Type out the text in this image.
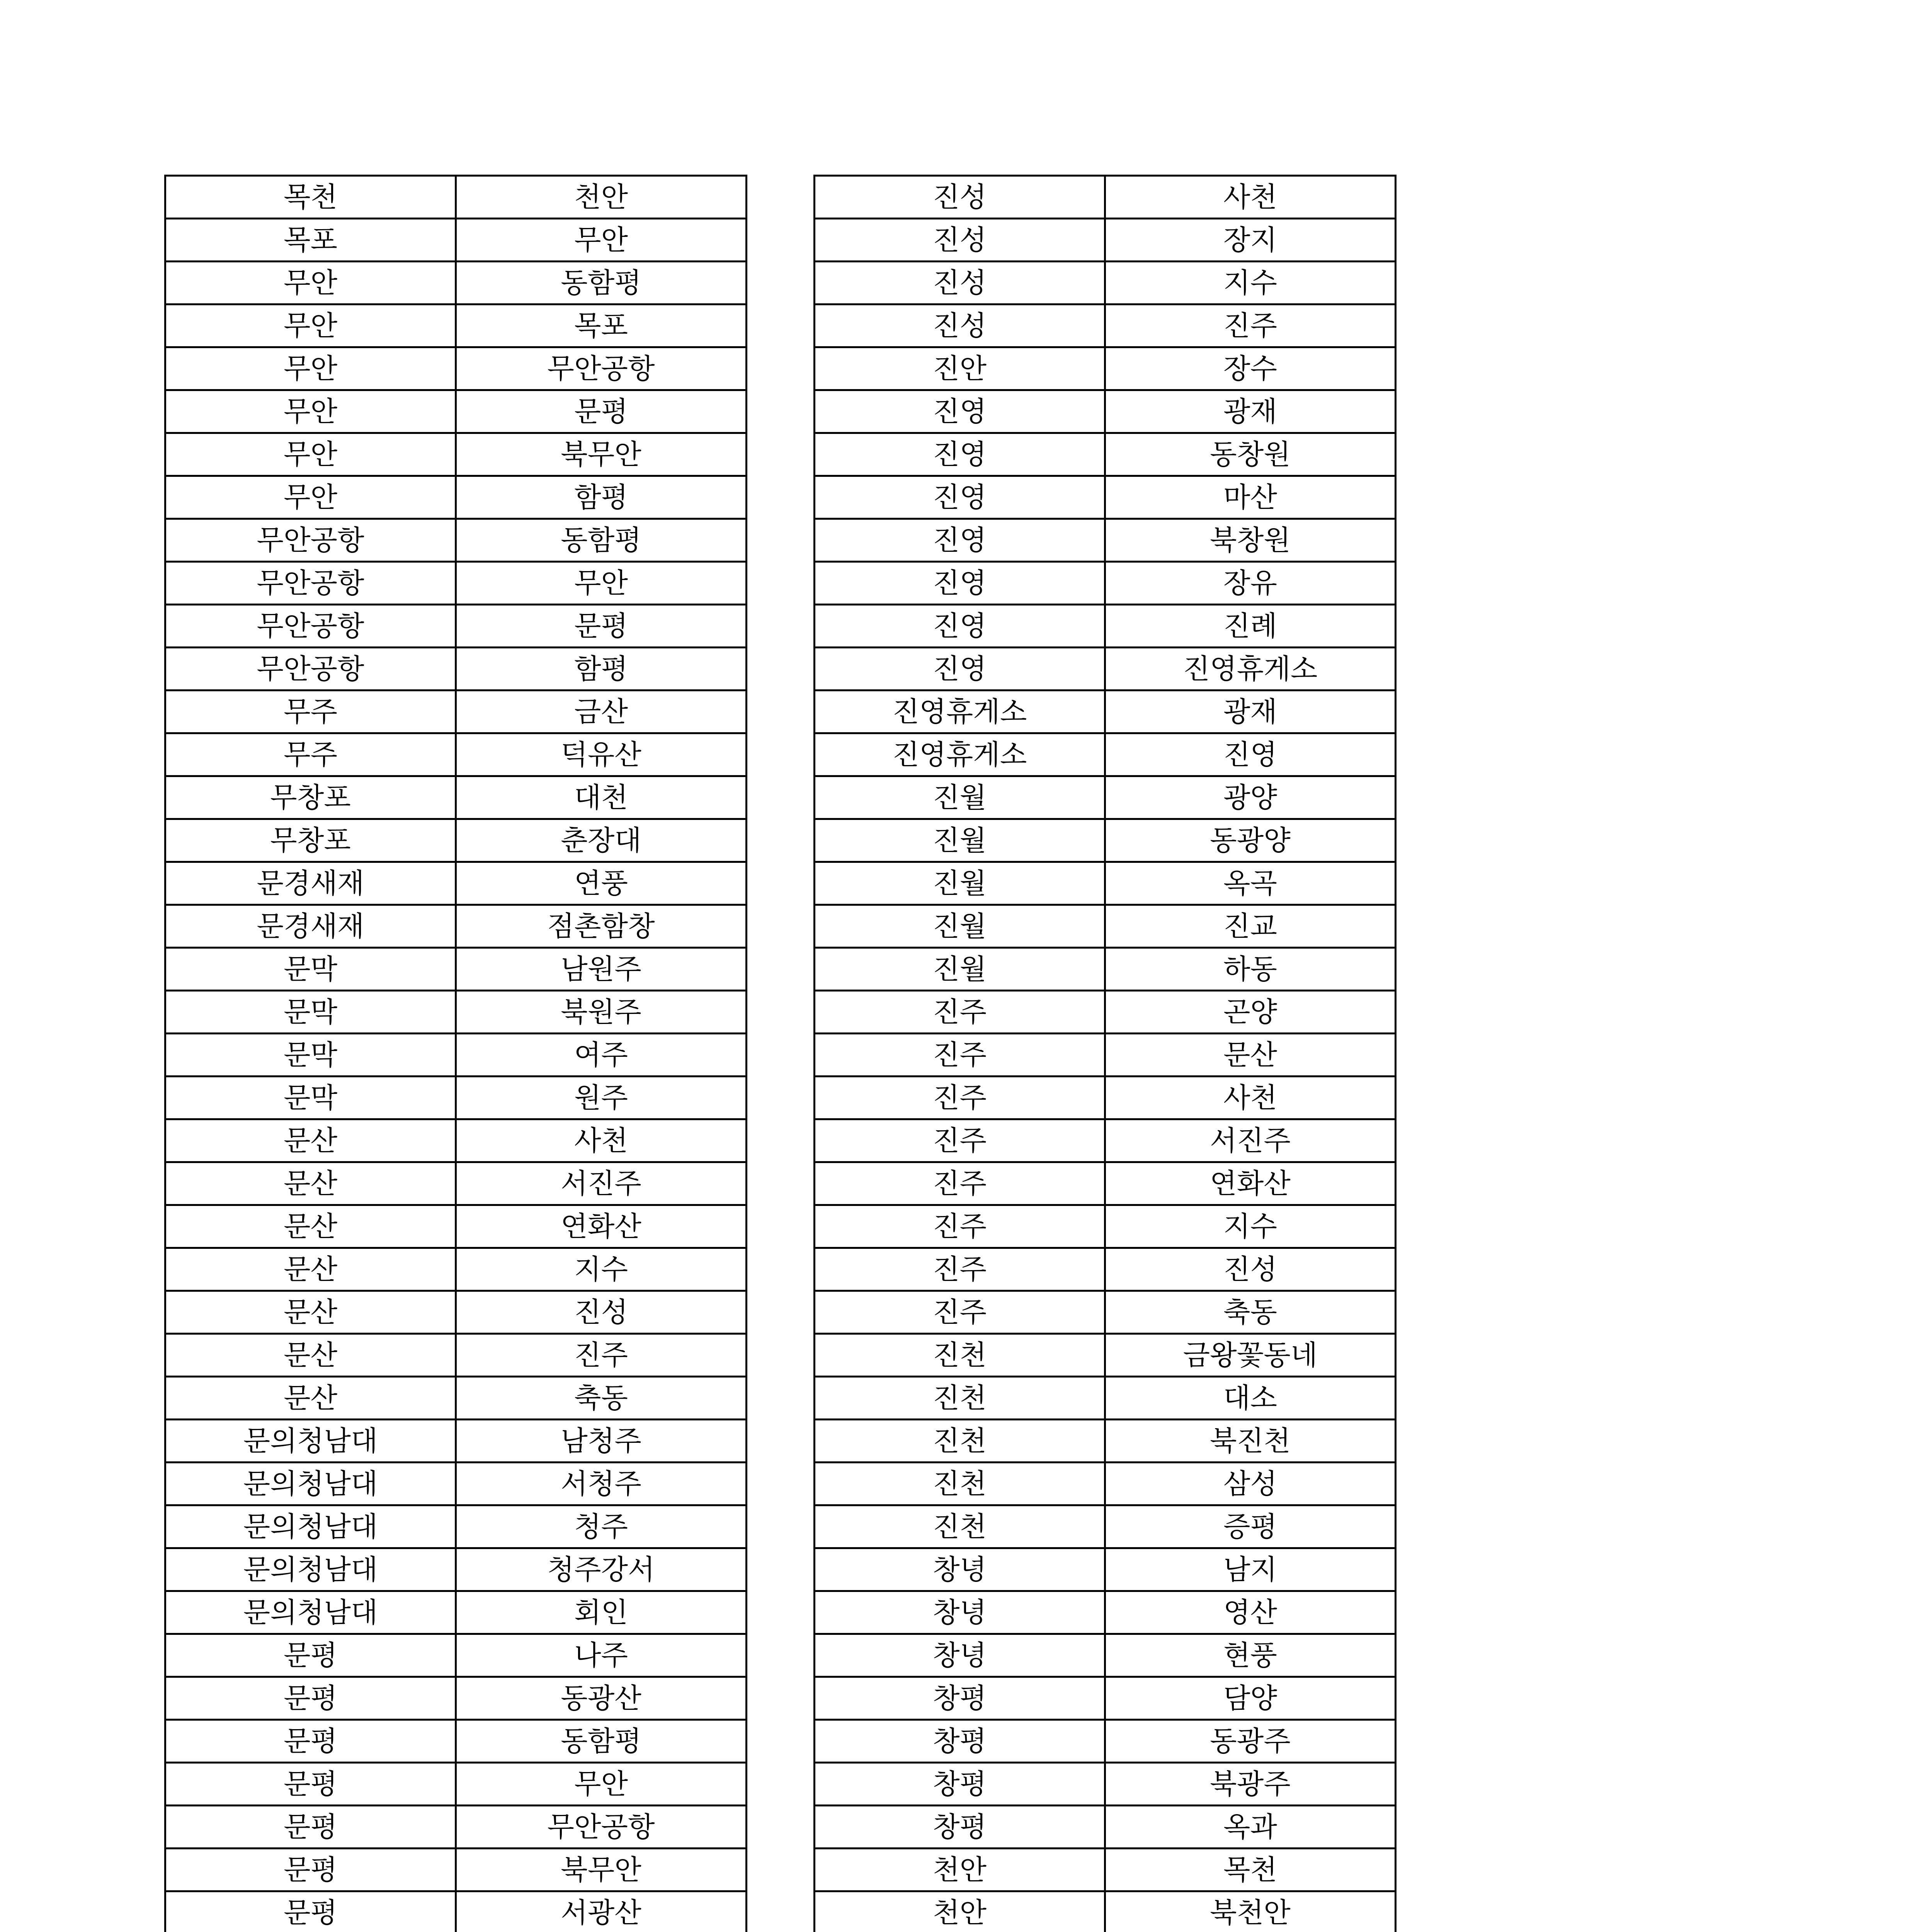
목천	천안
목포	무안
무안	동함평
무안	목포
무안	무안공항
무안	문평
무안	북무안
무안	함평
무안공항	동함평
무안공항	무안
무안공항	문평
무안공항	함평
무주	금산
무주	덕유산
무창포	대천
무창포	춘장대
문경새재	연풍
문경새재	점촌함창
문막	남원주
문막	북원주
문막	여주
문막	원주
문산	사천
문산	서진주
문산	연화산
문산	지수
문산	진성
문산	진주
문산	축동
문의청남대	남청주
문의청남대	서청주
문의청남대	청주
문의청남대	청주강서
문의청남대	회인
문평	나주
문평	동광산
문평	동함평
문평	무안
문평	무안공항
문평	북무안
문평	서광산

진성	사천
진성	장지
진성	지수
진성	진주
진안	장수
진영	광재
진영	동창원
진영	마산
진영	북창원
진영	장유
진영	진례
진영	진영휴게소
진영휴게소	광재
진영휴게소	진영
진월	광양
진월	동광양
진월	옥곡
진월	진교
진월	하동
진주	곤양
진주	문산
진주	사천
진주	서진주
진주	연화산
진주	지수
진주	진성
진주	축동
진천	금왕꽃동네
진천	대소
진천	북진천
진천	삼성
진천	증평
창녕	남지
창녕	영산
창녕	현풍
창평	담양
창평	동광주
창평	북광주
창평	옥과
천안	목천
천안	북천안
